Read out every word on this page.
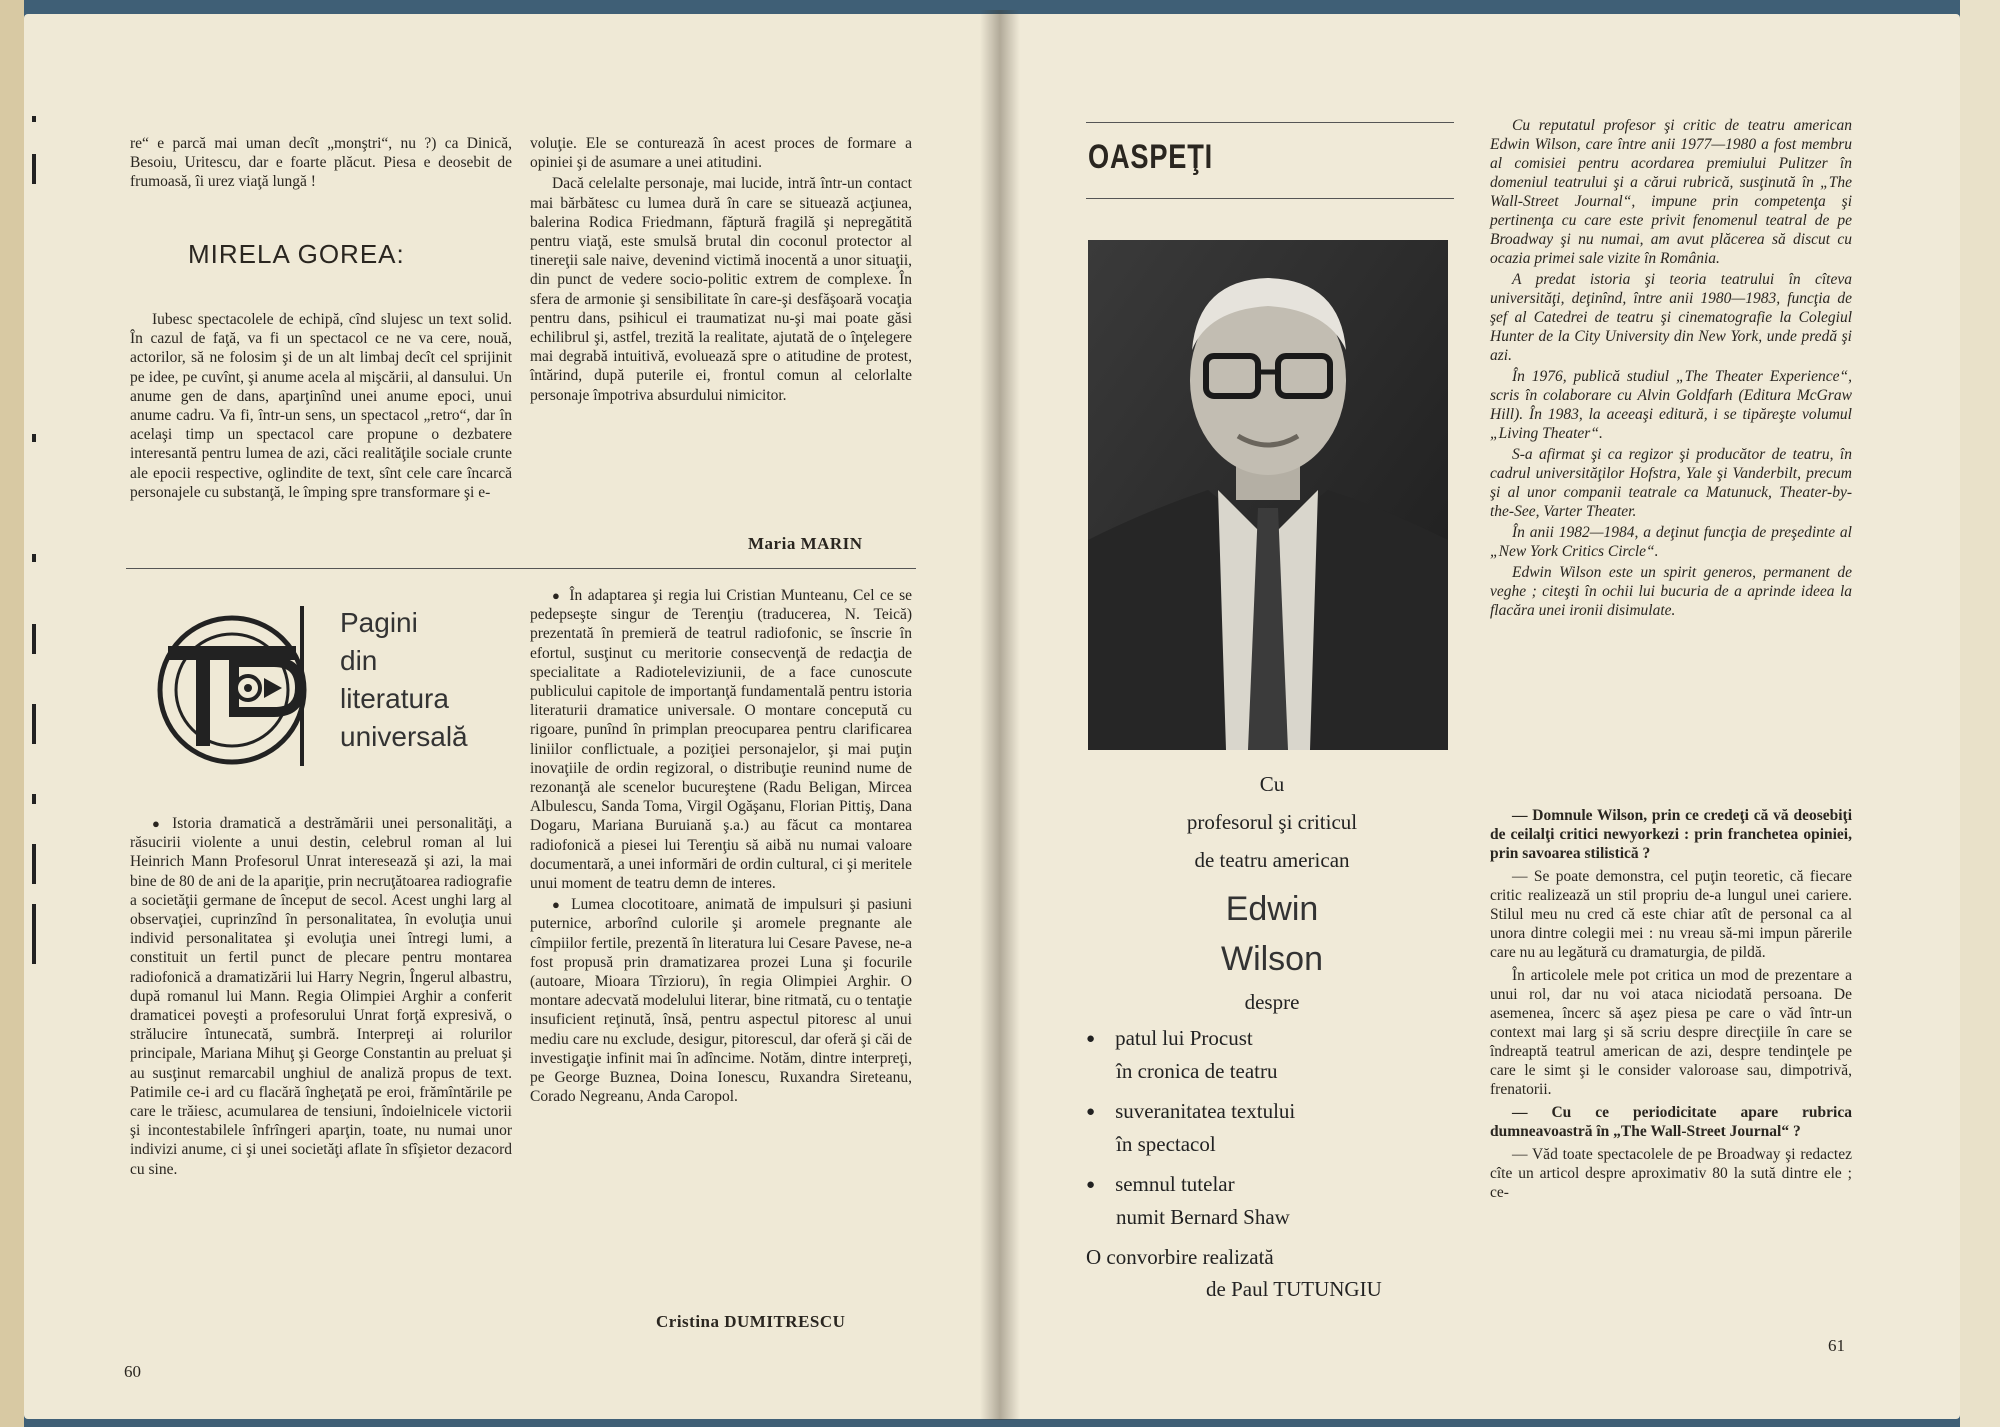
re“ e parcă mai uman decît „monştri“, nu ?) ca Dinică, Besoiu, Uritescu, dar e foarte plăcut. Piesa e deosebit de frumoasă, îi urez viaţă lungă !

MIRELA GOREA:

Iubesc spectacolele de echipă, cînd slujesc un text solid. În cazul de faţă, va fi un spectacol ce ne va cere, nouă, actorilor, să ne folosim şi de un alt limbaj decît cel sprijinit pe idee, pe cuvînt, şi anume acela al mişcării, al dansului. Un anume gen de dans, aparţinînd unei anume epoci, unui anume cadru. Va fi, într-un sens, un spectacol „retro“, dar în acelaşi timp un spectacol care propune o dezbatere interesantă pentru lumea de azi, căci realităţile sociale crunte ale epocii respective, oglindite de text, sînt cele care încarcă personajele cu substanţă, le împing spre transformare şi e-

voluţie. Ele se conturează în acest proces de formare a opiniei şi de asumare a unei atitudini.

Dacă celelalte personaje, mai lucide, intră într-un contact mai bărbătesc cu lumea dură în care se situează acţiunea, balerina Rodica Friedmann, făptură fragilă şi nepregătită pentru viaţă, este smulsă brutal din coconul protector al tinereţii sale naive, devenind victimă inocentă a unor situaţii, din punct de vedere socio-politic extrem de complexe. În sfera de armonie şi sensibilitate în care-şi desfăşoară vocaţia pentru dans, psihicul ei traumatizat nu-şi mai poate găsi echilibrul şi, astfel, trezită la realitate, ajutată de o înţelegere mai degrabă intuitivă, evoluează spre o atitudine de protest, întărind, după puterile ei, frontul comun al celorlalte personaje împotriva absurdului nimicitor.

Maria MARIN
Pagini
din
literatura
universală

● Istoria dramatică a destrămării unei personalităţi, a răsucirii violente a unui destin, celebrul roman al lui Heinrich Mann Profesorul Unrat interesează şi azi, la mai bine de 80 de ani de la apariţie, prin necruţătoarea radiografie a societăţii germane de început de secol. Acest unghi larg al observaţiei, cuprinzînd în personalitatea, în evoluţia unui individ personalitatea şi evoluţia unei întregi lumi, a constituit un fertil punct de plecare pentru montarea radiofonică a dramatizării lui Harry Negrin, Îngerul albastru, după romanul lui Mann. Regia Olimpiei Arghir a conferit dramaticei poveşti a profesorului Unrat forţă expresivă, o strălucire întunecată, sumbră. Interpreţi ai rolurilor principale, Mariana Mihuţ şi George Constantin au preluat şi au susţinut remarcabil unghiul de analiză propus de text. Patimile ce-i ard cu flacără îngheţată pe eroi, frămîntările pe care le trăiesc, acumularea de tensiuni, îndoielnicele victorii şi incontestabilele înfrîngeri aparţin, toate, nu numai unor indivizi anume, ci şi unei societăţi aflate în sfîşietor dezacord cu sine.

● În adaptarea şi regia lui Cristian Munteanu, Cel ce se pedepseşte singur de Terenţiu (traducerea, N. Teică) prezentată în premieră de teatrul radiofonic, se înscrie în efortul, susţinut cu meritorie consecvenţă de redacţia de specialitate a Radioteleviziunii, de a face cunoscute publicului capitole de importanţă fundamentală pentru istoria literaturii dramatice universale. O montare concepută cu rigoare, punînd în primplan preocuparea pentru clarificarea liniilor conflictuale, a poziţiei personajelor, şi mai puţin inovaţiile de ordin regizoral, o distribuţie reunind nume de rezonanţă ale scenelor bucureştene (Radu Beligan, Mircea Albulescu, Sanda Toma, Virgil Ogăşanu, Florian Pittiş, Dana Dogaru, Mariana Buruiană ş.a.) au făcut ca montarea radiofonică a piesei lui Terenţiu să aibă nu numai valoare documentară, a unei informări de ordin cultural, ci şi meritele unui moment de teatru demn de interes.

● Lumea clocotitoare, animată de impulsuri şi pasiuni puternice, arborînd culorile şi aromele pregnante ale cîmpiilor fertile, prezentă în literatura lui Cesare Pavese, ne-a fost propusă prin dramatizarea prozei Luna şi focurile (autoare, Mioara Tîrzioru), în regia Olimpiei Arghir. O montare adecvată modelului literar, bine ritmată, cu o tentaţie insuficient reţinută, însă, pentru aspectul pitoresc al unui mediu care nu exclude, desigur, pitorescul, dar oferă şi căi de investigaţie infinit mai în adîncime. Notăm, dintre interpreţi, pe George Buznea, Doina Ionescu, Ruxandra Sireteanu, Corado Negreanu, Anda Caropol.

Cristina DUMITRESCU
60
OASPEŢI
Cu
profesorul şi criticul
de teatru american
Edwin
Wilson
despre
● patul lui Procust
în cronica de teatru
● suveranitatea textului
în spectacol
● semnul tutelar
numit Bernard Shaw
O convorbire realizată
de Paul TUTUNGIU

Cu reputatul profesor şi critic de teatru american Edwin Wilson, care între anii 1977—1980 a fost membru al comisiei pentru acordarea premiului Pulitzer în domeniul teatrului şi a cărui rubrică, susţinută în „The Wall-Street Journal“, impune prin competenţa şi pertinenţa cu care este privit fenomenul teatral de pe Broadway şi nu numai, am avut plăcerea să discut cu ocazia primei sale vizite în România.

A predat istoria şi teoria teatrului în cîteva universităţi, deţinînd, între anii 1980—1983, funcţia de şef al Catedrei de teatru şi cinematografie la Colegiul Hunter de la City University din New York, unde predă şi azi.

În 1976, publică studiul „The Theater Experience“, scris în colaborare cu Alvin Goldfarh (Editura McGraw Hill). În 1983, la aceeaşi editură, i se tipăreşte volumul „Living Theater“.

S-a afirmat şi ca regizor şi producător de teatru, în cadrul universităţilor Hofstra, Yale şi Vanderbilt, precum şi al unor companii teatrale ca Matunuck, Theater-by-the-See, Varter Theater.

În anii 1982—1984, a deţinut funcţia de preşedinte al „New York Critics Circle“.

Edwin Wilson este un spirit generos, permanent de veghe ; citeşti în ochii lui bucuria de a aprinde ideea la flacăra unei ironii disimulate.

— Domnule Wilson, prin ce credeţi că vă deosebiţi de ceilalţi critici newyorkezi : prin franchetea opiniei, prin savoarea stilistică ?

— Se poate demonstra, cel puţin teoretic, că fiecare critic realizează un stil propriu de-a lungul unei cariere. Stilul meu nu cred că este chiar atît de personal ca al unora dintre colegii mei : nu vreau să-mi impun părerile care nu au legătură cu dramaturgia, de pildă.

În articolele mele pot critica un mod de prezentare a unui rol, dar nu voi ataca niciodată persoana. De asemenea, încerc să aşez piesa pe care o văd într-un context mai larg şi să scriu despre direcţiile în care se îndreaptă teatrul american de azi, despre tendinţele pe care le simt şi le consider valoroase sau, dimpotrivă, frenatorii.

— Cu ce periodicitate apare rubrica dumneavoastră în „The Wall-Street Journal“ ?

— Văd toate spectacolele de pe Broadway şi redactez cîte un articol despre aproximativ 80 la sută dintre ele ; ce-

61
